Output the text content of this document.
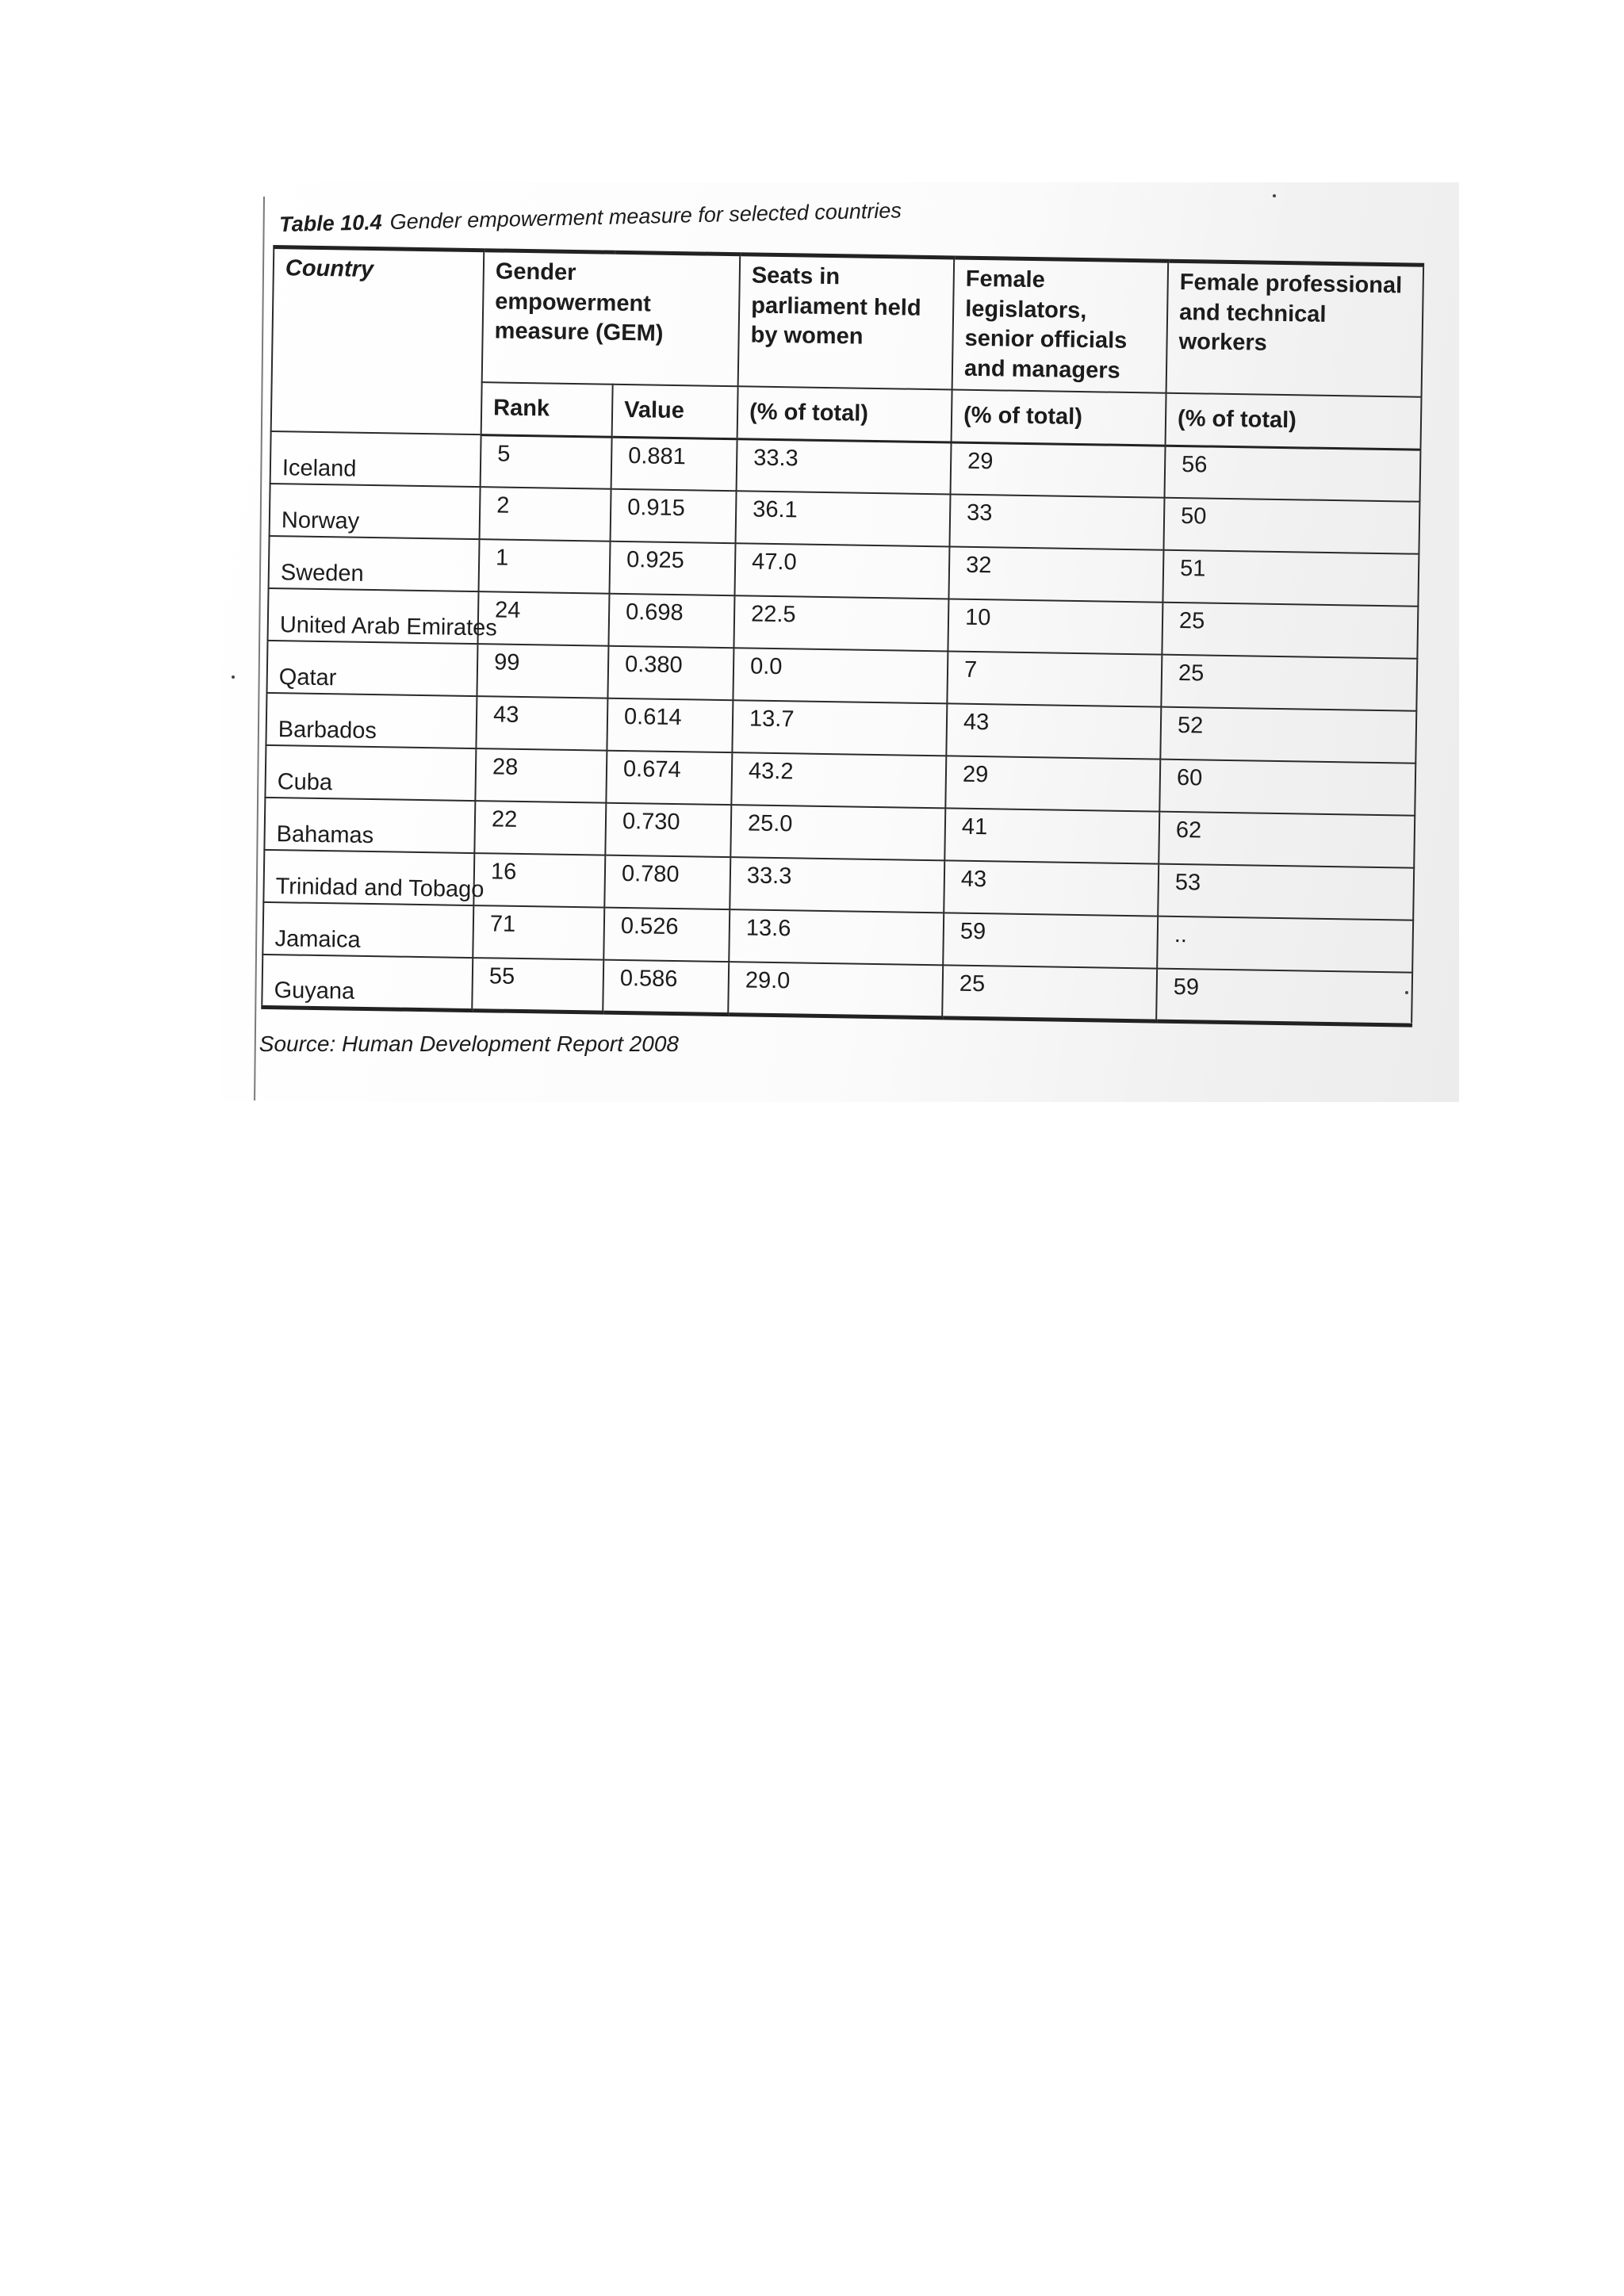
Table 10.4 Gender empowerment measure for selected countries
Country	Gender empowerment measure (GEM)		Seats in parliament held by women	Female legislators, senior officials and managers	Female professional and technical workers
	Rank	Value	(% of total)	(% of total)	(% of total)
Iceland	5	0.881	33.3	29	56
Norway	2	0.915	36.1	33	50
Sweden	1	0.925	47.0	32	51
United Arab Emirates	24	0.698	22.5	10	25
Qatar	99	0.380	0.0	7	25
Barbados	43	0.614	13.7	43	52
Cuba	28	0.674	43.2	29	60
Bahamas	22	0.730	25.0	41	62
Trinidad and Tobago	16	0.780	33.3	43	53
Jamaica	71	0.526	13.6	59	..
Guyana	55	0.586	29.0	25	59
Source: Human Development Report 2008
